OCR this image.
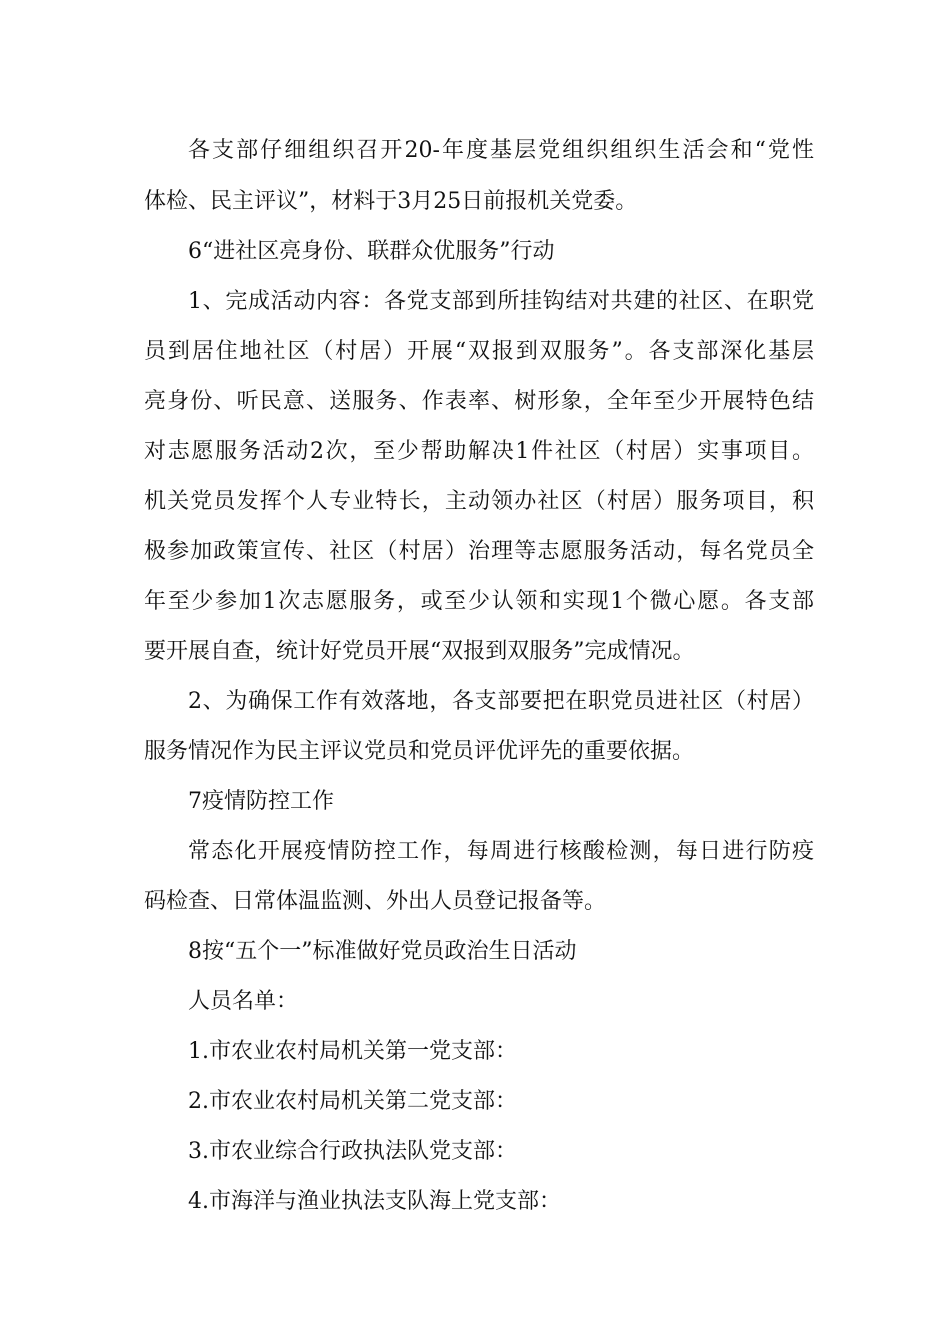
各支部仔细组织召开20-年度基层党组织组织生活会和“党性
体检、民主评议”，材料于3月25日前报机关党委。
6“进社区亮身份、联群众优服务”行动
1、完成活动内容：各党支部到所挂钩结对共建的社区、在职党
员到居住地社区（村居）开展“双报到双服务”。各支部深化基层
亮身份、听民意、送服务、作表率、树形象，全年至少开展特色结
对志愿服务活动2次，至少帮助解决1件社区（村居）实事项目。
机关党员发挥个人专业特长，主动领办社区（村居）服务项目，积
极参加政策宣传、社区（村居）治理等志愿服务活动，每名党员全
年至少参加1次志愿服务，或至少认领和实现1个微心愿。各支部
要开展自查，统计好党员开展“双报到双服务”完成情况。
2、为确保工作有效落地，各支部要把在职党员进社区（村居）
服务情况作为民主评议党员和党员评优评先的重要依据。
7疫情防控工作
常态化开展疫情防控工作，每周进行核酸检测，每日进行防疫
码检查、日常体温监测、外出人员登记报备等。
8按“五个一”标准做好党员政治生日活动
人员名单：
1.市农业农村局机关第一党支部：
2.市农业农村局机关第二党支部：
3.市农业综合行政执法队党支部：
4.市海洋与渔业执法支队海上党支部：
